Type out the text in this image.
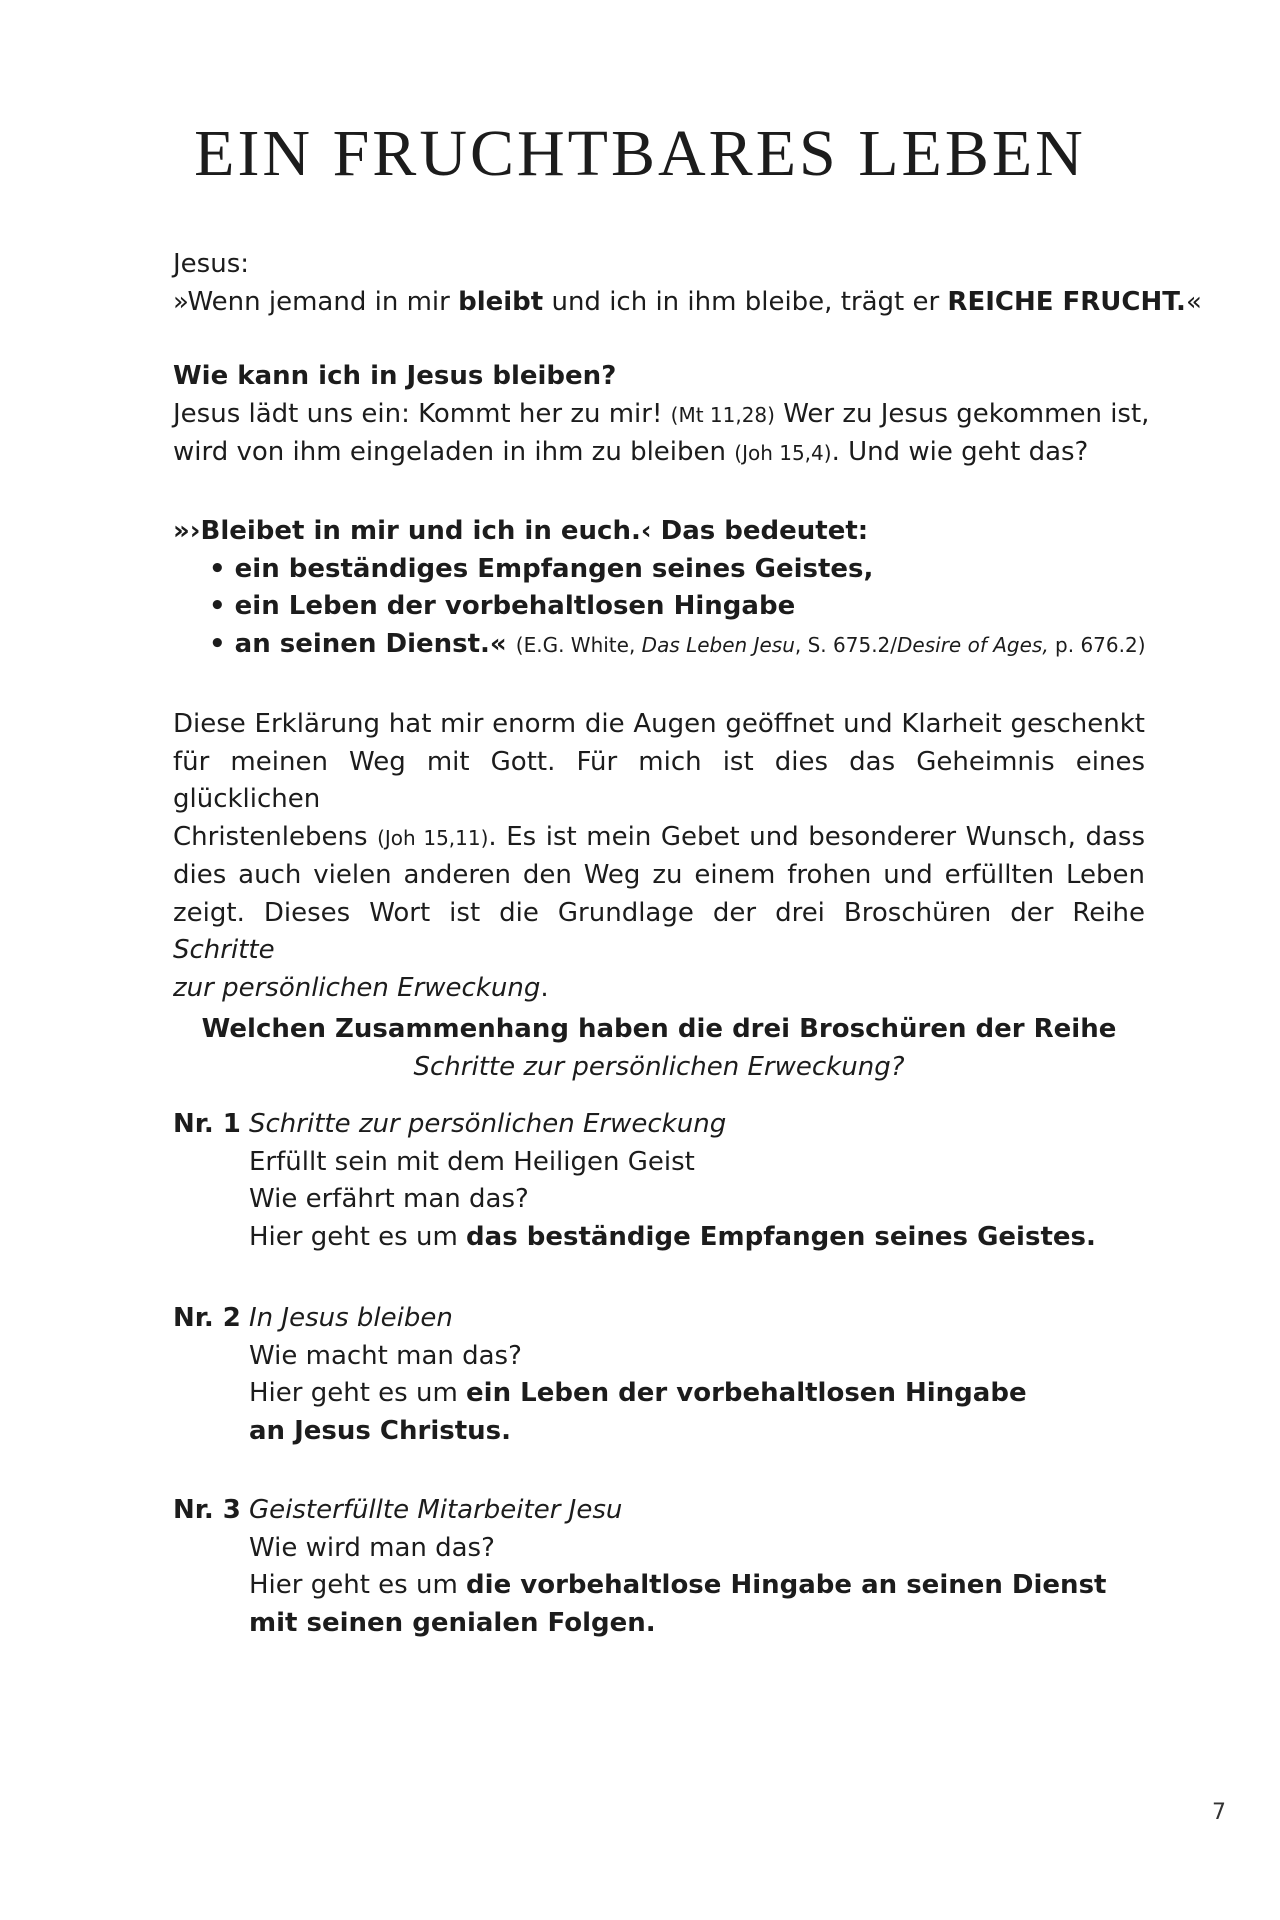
EIN FRUCHTBARES LEBEN
Jesus:
»Wenn jemand in mir bleibt und ich in ihm bleibe, trägt er REICHE FRUCHT.«
Wie kann ich in Jesus bleiben?
Jesus lädt uns ein: Kommt her zu mir! (Mt 11,28) Wer zu Jesus gekommen ist,
wird von ihm eingeladen in ihm zu bleiben (Joh 15,4). Und wie geht das?
»›Bleibet in mir und ich in euch.‹ Das bedeutet:
• ein beständiges Empfangen seines Geistes,
• ein Leben der vorbehaltlosen Hingabe
• an seinen Dienst.« (E.G. White, Das Leben Jesu, S. 675.2/Desire of Ages, p. 676.2)
Diese Erklärung hat mir enorm die Augen geöffnet und Klarheit geschenkt
für meinen Weg mit Gott. Für mich ist dies das Geheimnis eines glücklichen
Christenlebens (Joh 15,11). Es ist mein Gebet und besonderer Wunsch, dass
dies auch vielen anderen den Weg zu einem frohen und erfüllten Leben
zeigt. Dieses Wort ist die Grundlage der drei Broschüren der Reihe Schritte
zur persönlichen Erweckung.
Welchen Zusammenhang haben die drei Broschüren der Reihe
Schritte zur persönlichen Erweckung?
Nr. 1 Schritte zur persönlichen Erweckung
Erfüllt sein mit dem Heiligen Geist
Wie erfährt man das?
Hier geht es um das beständige Empfangen seines Geistes.
Nr. 2 In Jesus bleiben
Wie macht man das?
Hier geht es um ein Leben der vorbehaltlosen Hingabe
an Jesus Christus.
Nr. 3 Geisterfüllte Mitarbeiter Jesu
Wie wird man das?
Hier geht es um die vorbehaltlose Hingabe an seinen Dienst
mit seinen genialen Folgen.
7
